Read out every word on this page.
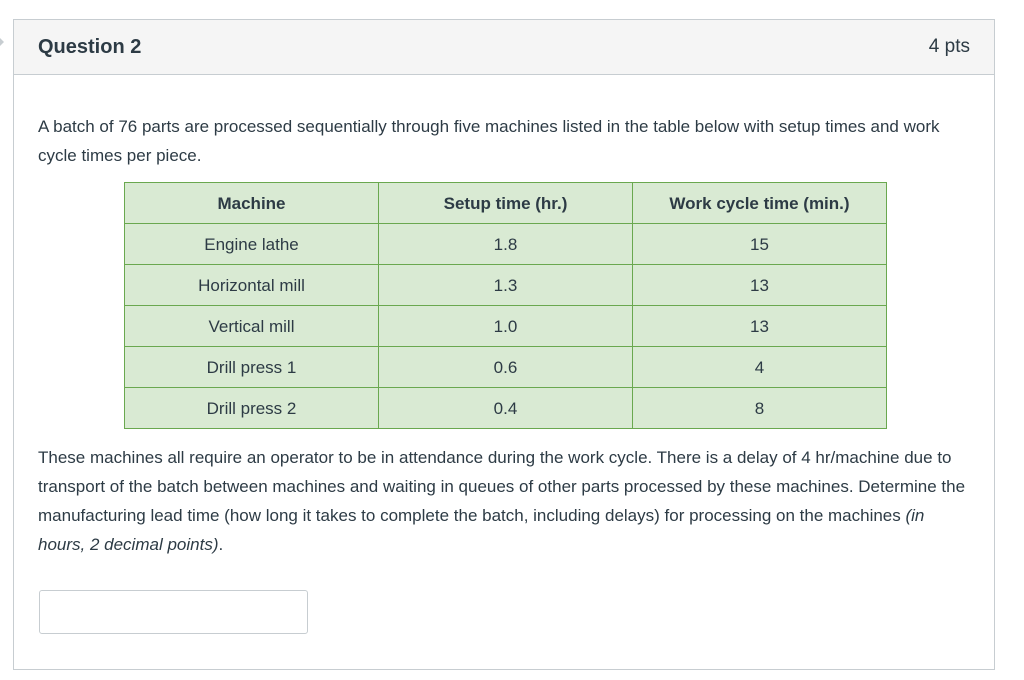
Question 2	4 pts

A batch of 76 parts are processed sequentially through five machines listed in the table below with setup times and work cycle times per piece.

Machine	Setup time (hr.)	Work cycle time (min.)
Engine lathe	1.8	15
Horizontal mill	1.3	13
Vertical mill	1.0	13
Drill press 1	0.6	4
Drill press 2	0.4	8

These machines all require an operator to be in attendance during the work cycle. There is a delay of 4 hr/machine due to transport of the batch between machines and waiting in queues of other parts processed by these machines. Determine the manufacturing lead time (how long it takes to complete the batch, including delays) for processing on the machines (in hours, 2 decimal points).
